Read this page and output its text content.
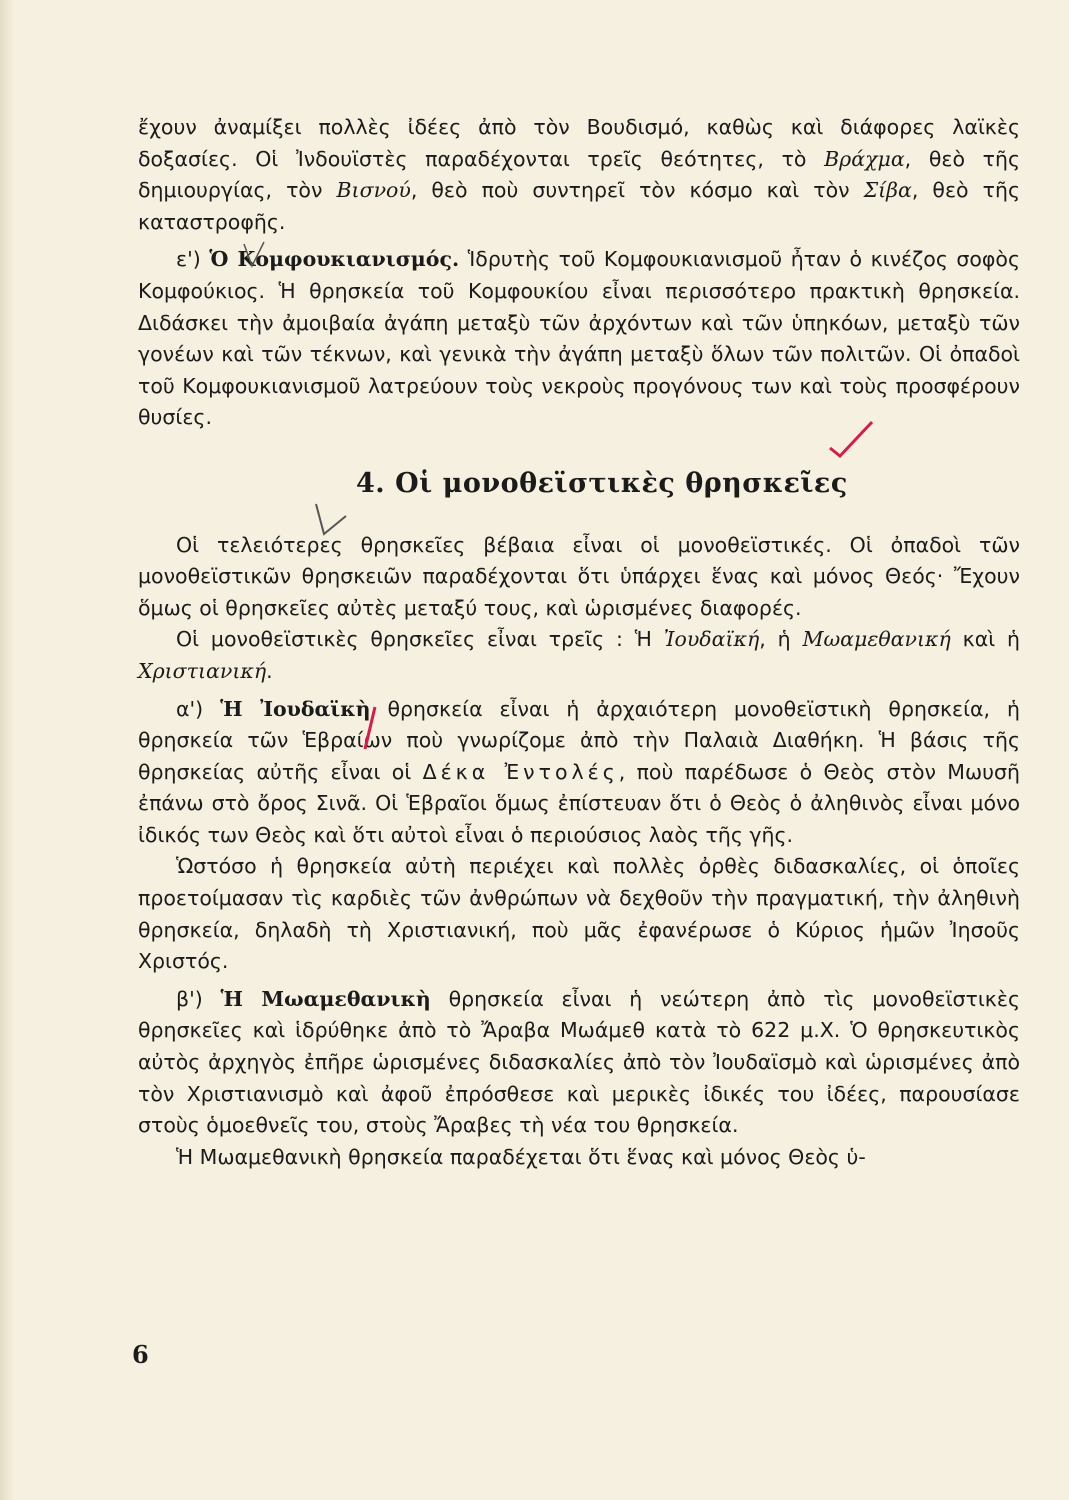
ἔχουν ἀναμίξει πολλὲς ἰδέες ἀπὸ τὸν Βουδισμό, καθὼς καὶ διάφορες λαϊκὲς δοξασίες. Οἱ Ἰνδουϊστὲς παραδέχονται τρεῖς θεότητες, τὸ Βράχμα, θεὸ τῆς δημιουργίας, τὸν Βισνού, θεὸ ποὺ συντηρεῖ τὸν κόσμο καὶ τὸν Σίβα, θεὸ τῆς καταστροφῆς.

ε') Ὁ Κομφουκιανισμός. Ἱδρυτὴς τοῦ Κομφουκιανισμοῦ ἦταν ὁ κινέζος σοφὸς Κομφούκιος. Ἡ θρησκεία τοῦ Κομφουκίου εἶναι περισσότερο πρακτικὴ θρησκεία. Διδάσκει τὴν ἀμοιβαία ἀγάπη μεταξὺ τῶν ἀρχόντων καὶ τῶν ὑπηκόων, μεταξὺ τῶν γονέων καὶ τῶν τέκνων, καὶ γενικὰ τὴν ἀγάπη μεταξὺ ὅλων τῶν πολιτῶν. Οἱ ὀπαδοὶ τοῦ Κομφουκιανισμοῦ λατρεύουν τοὺς νεκροὺς προγόνους των καὶ τοὺς προσφέρουν θυσίες.

4. Οἱ μονοθεϊστικὲς θρησκεῖες

Οἱ τελειότερες θρησκεῖες βέβαια εἶναι οἱ μονοθεϊστικές. Οἱ ὀπαδοὶ τῶν μονοθεϊστικῶν θρησκειῶν παραδέχονται ὅτι ὑπάρχει ἕνας καὶ μόνος Θεός· Ἔχουν ὅμως οἱ θρησκεῖες αὐτὲς μεταξύ τους, καὶ ὡρισμένες διαφορές.

Οἱ μονοθεϊστικὲς θρησκεῖες εἶναι τρεῖς : Ἡ Ἰουδαϊκή, ἡ Μωαμεθανική καὶ ἡ Χριστιανική.

α') Ἡ Ἰουδαϊκὴ θρησκεία εἶναι ἡ ἀρχαιότερη μονοθεϊστικὴ θρησκεία, ἡ θρησκεία τῶν Ἑβραίων ποὺ γνωρίζομε ἀπὸ τὴν Παλαιὰ Διαθήκη. Ἡ βάσις τῆς θρησκείας αὐτῆς εἶναι οἱ Δέκα Ἐντολές, ποὺ παρέδωσε ὁ Θεὸς στὸν Μωυσῆ ἐπάνω στὸ ὄρος Σινᾶ. Οἱ Ἑβραῖοι ὅμως ἐπίστευαν ὅτι ὁ Θεὸς ὁ ἀληθινὸς εἶναι μόνο ἰδικός των Θεὸς καὶ ὅτι αὐτοὶ εἶναι ὁ περιούσιος λαὸς τῆς γῆς.

Ὡστόσο ἡ θρησκεία αὐτὴ περιέχει καὶ πολλὲς ὀρθὲς διδασκαλίες, οἱ ὁποῖες προετοίμασαν τὶς καρδιὲς τῶν ἀνθρώπων νὰ δεχθοῦν τὴν πραγματική, τὴν ἀληθινὴ θρησκεία, δηλαδὴ τὴ Χριστιανική, ποὺ μᾶς ἐφανέρωσε ὁ Κύριος ἡμῶν Ἰησοῦς Χριστός.

β') Ἡ Μωαμεθανικὴ θρησκεία εἶναι ἡ νεώτερη ἀπὸ τὶς μονοθεϊστικὲς θρησκεῖες καὶ ἱδρύθηκε ἀπὸ τὸ Ἄραβα Μωάμεθ κατὰ τὸ 622 μ.Χ. Ὁ θρησκευτικὸς αὐτὸς ἀρχηγὸς ἐπῆρε ὡρισμένες διδασκαλίες ἀπὸ τὸν Ἰουδαϊσμὸ καὶ ὡρισμένες ἀπὸ τὸν Χριστιανισμὸ καὶ ἀφοῦ ἐπρόσθεσε καὶ μερικὲς ἰδικές του ἰδέες, παρουσίασε στοὺς ὁμοεθνεῖς του, στοὺς Ἄραβες τὴ νέα του θρησκεία.

Ἡ Μωαμεθανικὴ θρησκεία παραδέχεται ὅτι ἕνας καὶ μόνος Θεὸς ὑ-

6
